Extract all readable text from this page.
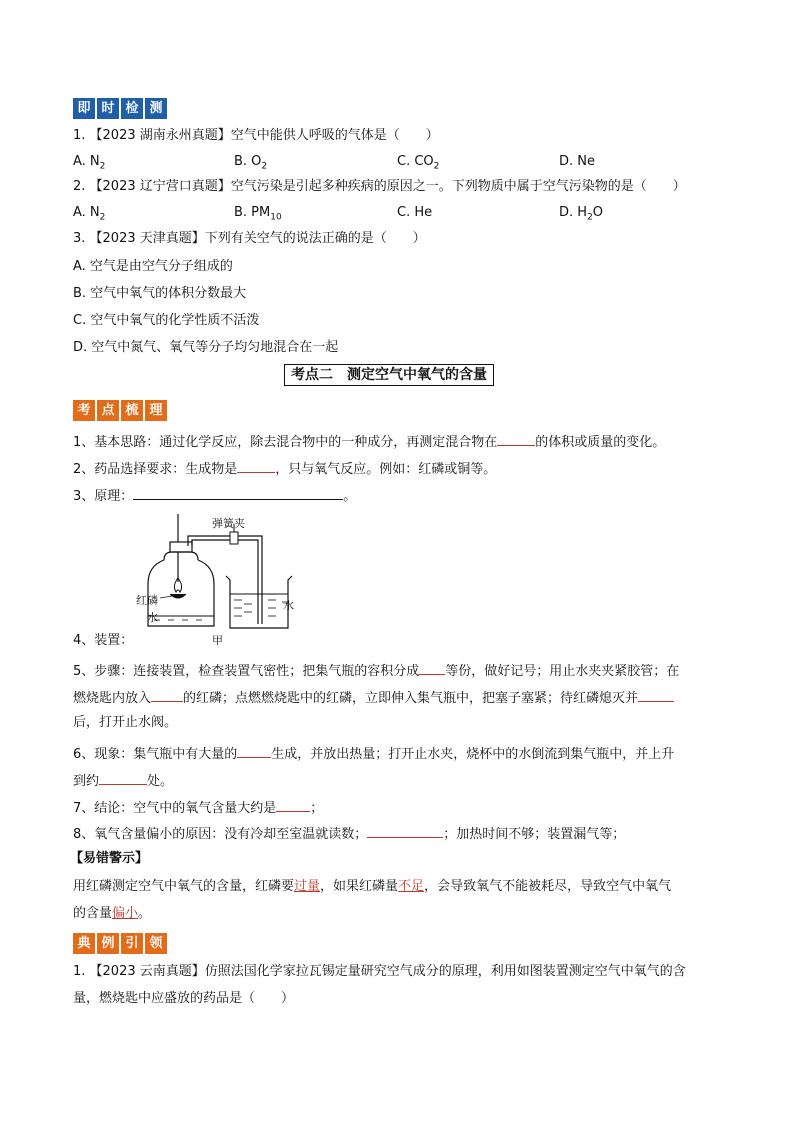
即 时 检 测
1. 【2023 湖南永州真题】空气中能供人呼吸的气体是（　　）
A. $N_2$	B. $O_2$	C. $CO_2$	D. Ne
2. 【2023 辽宁营口真题】空气污染是引起多种疾病的原因之一。下列物质中属于空气污染物的是（　　）
A. $N_2$	B. $PM_{10}$	C. He	D. $H_2O$
3. 【2023 天津真题】下列有关空气的说法正确的是（　　）
A. 空气是由空气分子组成的
B. 空气中氧气的体积分数最大
C. 空气中氧气的化学性质不活泼
D. 空气中氮气、氧气等分子均匀地混合在一起
考点二　测定空气中氧气的含量
考 点 梳 理
1、基本思路：通过化学反应，除去混合物中的一种成分，再测定混合物在	的体积或质量的变化。
2、药品选择要求：生成物是	，只与氧气反应。例如：红磷或铜等。
3、原理：	。
弹簧夹
红磷
水
水
甲
4、装置：
5、步骤：连接装置，检查装置气密性；把集气瓶的容积分成 等份，做好记号；用止水夹夹紧胶管；在
燃烧匙内放入 的红磷；点燃燃烧匙中的红磷，立即伸入集气瓶中，把塞子塞紧；待红磷熄灭并
后，打开止水阀。
6、现象：集气瓶中有大量的	生成，并放出热量；打开止水夹，烧杯中的水倒流到集气瓶中，并上升
到约	处。
7、结论：空气中的氧气含量大约是	；
8、氧气含量偏小的原因：没有冷却至室温就读数；	；加热时间不够；装置漏气等；
【易错警示】
用红磷测定空气中氧气的含量，红磷要过量，如果红磷量不足，会导致氧气不能被耗尽，导致空气中氧气
的含量偏小。
典 例 引 领
1. 【2023 云南真题】仿照法国化学家拉瓦锡定量研究空气成分的原理，利用如图装置测定空气中氧气的含
量，燃烧匙中应盛放的药品是（　　）
